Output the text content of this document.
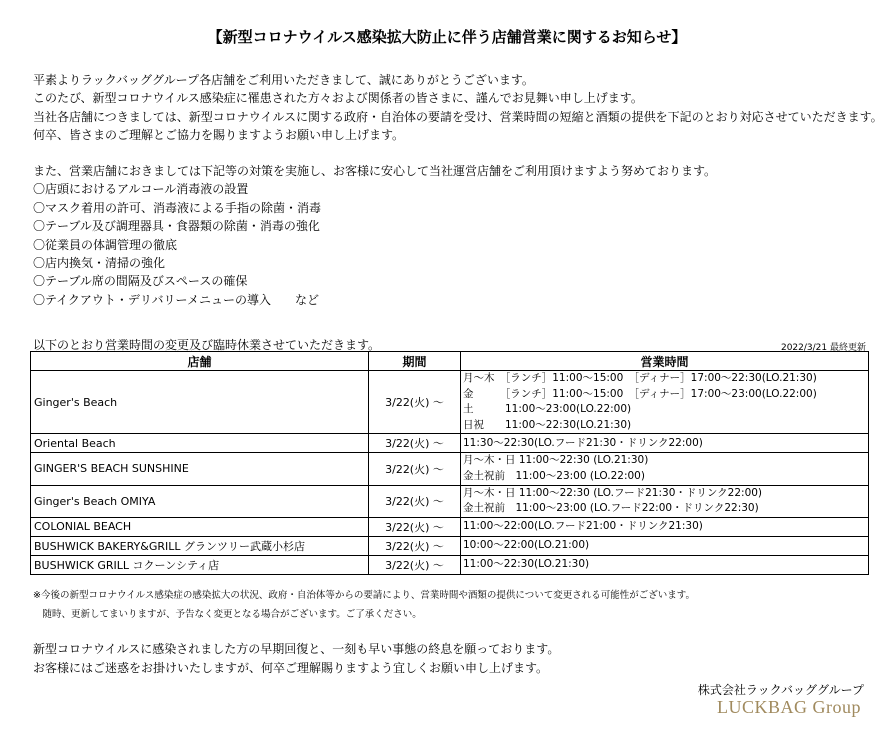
【新型コロナウイルス感染拡大防止に伴う店舗営業に関するお知らせ】
平素よりラックバッググループ各店舗をご利用いただきまして、誠にありがとうございます。
このたび、新型コロナウイルス感染症に罹患された方々および関係者の皆さまに、謹んでお見舞い申し上げます。
当社各店舗につきましては、新型コロナウイルスに関する政府・自治体の要請を受け、営業時間の短縮と酒類の提供を下記のとおり対応させていただきます。
何卒、皆さまのご理解とご協力を賜りますようお願い申し上げます。
また、営業店舗におきましては下記等の対策を実施し、お客様に安心して当社運営店舗をご利用頂けますよう努めております。
〇店頭におけるアルコール消毒液の設置
〇マスク着用の許可、消毒液による手指の除菌・消毒
〇テーブル及び調理器具・食器類の除菌・消毒の強化
〇従業員の体調管理の徹底
〇店内換気・清掃の強化
〇テーブル席の間隔及びスペースの確保
〇テイクアウト・デリバリーメニューの導入　　など
以下のとおり営業時間の変更及び臨時休業させていただきます。	2022/3/21 最終更新
店舗	期間	営業時間
Ginger's Beach	3/22(火) ～	月～木　［ランチ］11:00～15:00　［ディナー］17:00～22:30(LO.21:30)
金　　　［ランチ］11:00～15:00　［ディナー］17:00～23:00(LO.22:00)
土　　　11:00～23:00(LO.22:00)
日祝　　11:00～22:30(LO.21:30)

Oriental Beach	3/22(火) ～	11:30～22:30(LO.フード21:30・ドリンク22:00)

GINGER'S BEACH SUNSHINE	3/22(火) ～	月～木・日 11:00～22:30 (LO.21:30)
金土祝前　11:00～23:00 (LO.22:00)

Ginger's Beach OMIYA	3/22(火) ～	月～木・日 11:00～22:30 (LO.フード21:30・ドリンク22:00)
金土祝前　11:00～23:00 (LO.フード22:00・ドリンク22:30)

COLONIAL BEACH	3/22(火) ～	11:00～22:00(LO.フード21:00・ドリンク21:30)

BUSHWICK BAKERY&GRILL グランツリー武蔵小杉店	3/22(火) ～	10:00～22:00(LO.21:00)

BUSHWICK GRILL コクーンシティ店	3/22(火) ～	11:00～22:30(LO.21:30)
※今後の新型コロナウイルス感染症の感染拡大の状況、政府・自治体等からの要請により、営業時間や酒類の提供について変更される可能性がございます。
　随時、更新してまいりますが、予告なく変更となる場合がございます。ご了承ください。
新型コロナウイルスに感染されました方の早期回復と、一刻も早い事態の終息を願っております。
お客様にはご迷惑をお掛けいたしますが、何卒ご理解賜りますよう宜しくお願い申し上げます。
株式会社ラックバッググループ
LUCKBAG Group
